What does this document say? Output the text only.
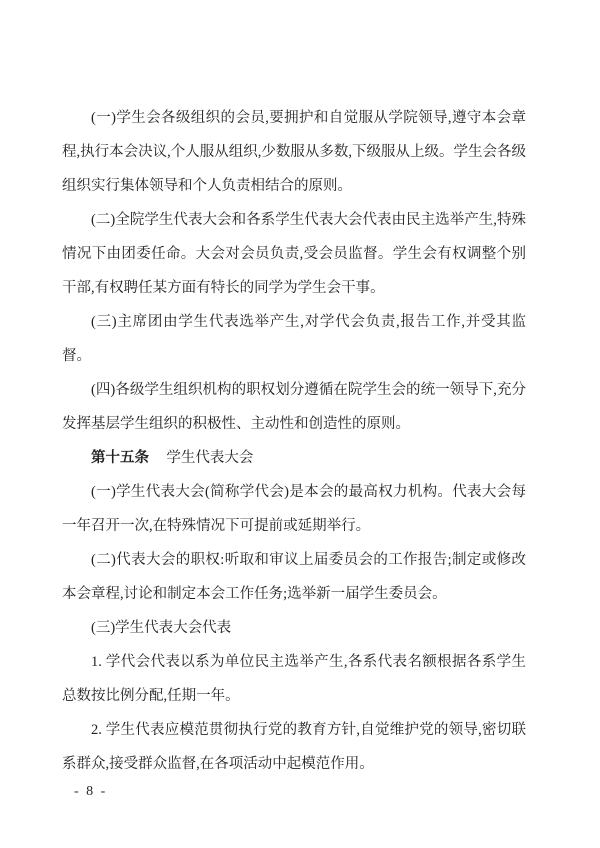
(一)学生会各级组织的会员,要拥护和自觉服从学院领导,遵守本会章程,执行本会决议,个人服从组织,少数服从多数,下级服从上级。学生会各级组织实行集体领导和个人负责相结合的原则。

(二)全院学生代表大会和各系学生代表大会代表由民主选举产生,特殊情况下由团委任命。大会对会员负责,受会员监督。学生会有权调整个别干部,有权聘任某方面有特长的同学为学生会干事。

(三)主席团由学生代表选举产生,对学代会负责,报告工作,并受其监督。

(四)各级学生组织机构的职权划分遵循在院学生会的统一领导下,充分发挥基层学生组织的积极性、主动性和创造性的原则。

第十五条 学生代表大会

(一)学生代表大会(简称学代会)是本会的最高权力机构。代表大会每一年召开一次,在特殊情况下可提前或延期举行。

(二)代表大会的职权:听取和审议上届委员会的工作报告;制定或修改本会章程,讨论和制定本会工作任务;选举新一届学生委员会。

(三)学生代表大会代表

1. 学代会代表以系为单位民主选举产生,各系代表名额根据各系学生总数按比例分配,任期一年。

2. 学生代表应模范贯彻执行党的教育方针,自觉维护党的领导,密切联系群众,接受群众监督,在各项活动中起模范作用。

- 8 -
